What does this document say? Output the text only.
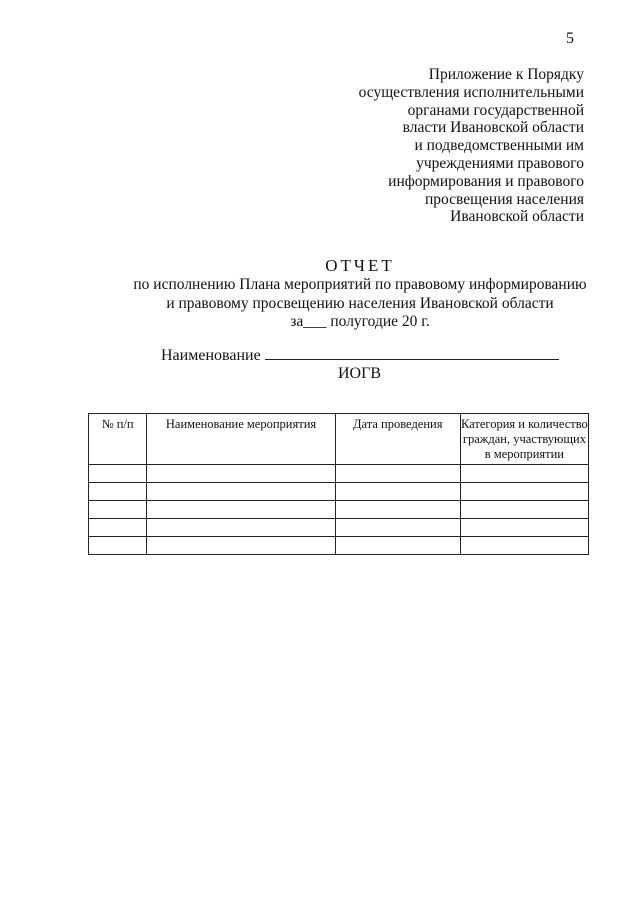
5
Приложение к Порядку
осуществления исполнительными
органами государственной
власти Ивановской области
и подведомственными им
учреждениями правового
информирования и правового
просвещения населения
Ивановской области
ОТЧЕТ
по исполнению Плана мероприятий по правовому информированию
и правовому просвещению населения Ивановской области
за___ полугодие 20 г.
Наименование
ИОГВ
№ п/п	Наименование мероприятия	Дата проведения	Категория и количество граждан, участвующих в мероприятии
